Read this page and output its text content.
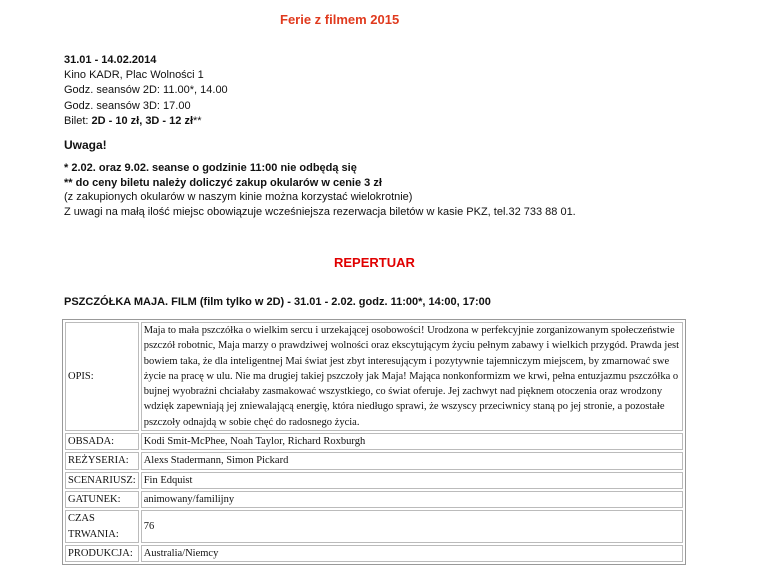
Ferie z filmem 2015
31.01 - 14.02.2014
Kino KADR, Plac Wolności 1
Godz. seansów 2D: 11.00*, 14.00
Godz. seansów 3D: 17.00
Bilet: 2D - 10 zł, 3D - 12 zł**
Uwaga!
* 2.02. oraz 9.02. seanse o godzinie 11:00 nie odbędą się
** do ceny biletu należy doliczyć zakup okularów w cenie 3 zł
(z zakupionych okularów w naszym kinie można korzystać wielokrotnie)
Z uwagi na małą ilość miejsc obowiązuje wcześniejsza rezerwacja biletów w kasie PKZ, tel.32 733 88 01.
REPERTUAR
PSZCZÓŁKA MAJA. FILM (film tylko w 2D) - 31.01 - 2.02. godz. 11:00*, 14:00, 17:00
OPIS:	Maja to mała pszczółka o wielkim sercu i urzekającej osobowości! Urodzona w perfekcyjnie zorganizowanym społeczeństwie pszczół robotnic, Maja marzy o prawdziwej wolności oraz ekscytującym życiu pełnym zabawy i wielkich przygód. Prawda jest bowiem taka, że dla inteligentnej Mai świat jest zbyt interesującym i pozytywnie tajemniczym miejscem, by zmarnować swe życie na pracę w ulu. Nie ma drugiej takiej pszczoły jak Maja! Mająca nonkonformizm we krwi, pełna entuzjazmu pszczółka o bujnej wyobraźni chciałaby zasmakować wszystkiego, co świat oferuje. Jej zachwyt nad pięknem otoczenia oraz wrodzony wdzięk zapewniają jej zniewalającą energię, która niedługo sprawi, że wszyscy przeciwnicy staną po jej stronie, a pozostałe pszczoły odnajdą w sobie chęć do radosnego życia.
OBSADA:	Kodi Smit-McPhee, Noah Taylor, Richard Roxburgh
REŻYSERIA:	Alexs Stadermann, Simon Pickard
SCENARIUSZ:	Fin Edquist
GATUNEK:	animowany/familijny
CZAS TRWANIA:	76
PRODUKCJA:	Australia/Niemcy
